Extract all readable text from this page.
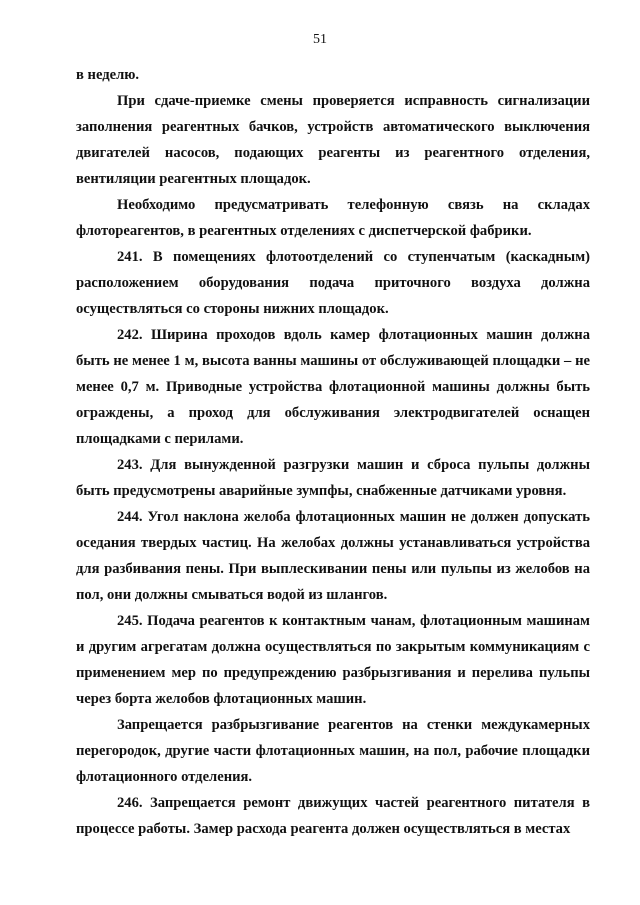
51

в неделю.

При сдаче-приемке смены проверяется исправность сигнализации заполнения реагентных бачков, устройств автоматического выключения двигателей насосов, подающих реагенты из реагентного отделения, вентиляции реагентных площадок.

Необходимо предусматривать телефонную связь на складах флотореагентов, в реагентных отделениях с диспетчерской фабрики.

241. В помещениях флотоотделений со ступенчатым (каскадным) расположением оборудования подача приточного воздуха должна осуществляться со стороны нижних площадок.

242. Ширина проходов вдоль камер флотационных машин должна быть не менее 1 м, высота ванны машины от обслуживающей площадки – не менее 0,7 м. Приводные устройства флотационной машины должны быть ограждены, а проход для обслуживания электродвигателей оснащен площадками с перилами.

243. Для вынужденной разгрузки машин и сброса пульпы должны быть предусмотрены аварийные зумпфы, снабженные датчиками уровня.

244. Угол наклона желоба флотационных машин не должен допускать оседания твердых частиц. На желобах должны устанавливаться устройства для разбивания пены. При выплескивании пены или пульпы из желобов на пол, они должны смываться водой из шлангов.

245. Подача реагентов к контактным чанам, флотационным машинам и другим агрегатам должна осуществляться по закрытым коммуникациям с применением мер по предупреждению разбрызгивания и перелива пульпы через борта желобов флотационных машин.

Запрещается разбрызгивание реагентов на стенки междукамерных перегородок, другие части флотационных машин, на пол, рабочие площадки флотационного отделения.

246. Запрещается ремонт движущих частей реагентного питателя в процессе работы. Замер расхода реагента должен осуществляться в местах
